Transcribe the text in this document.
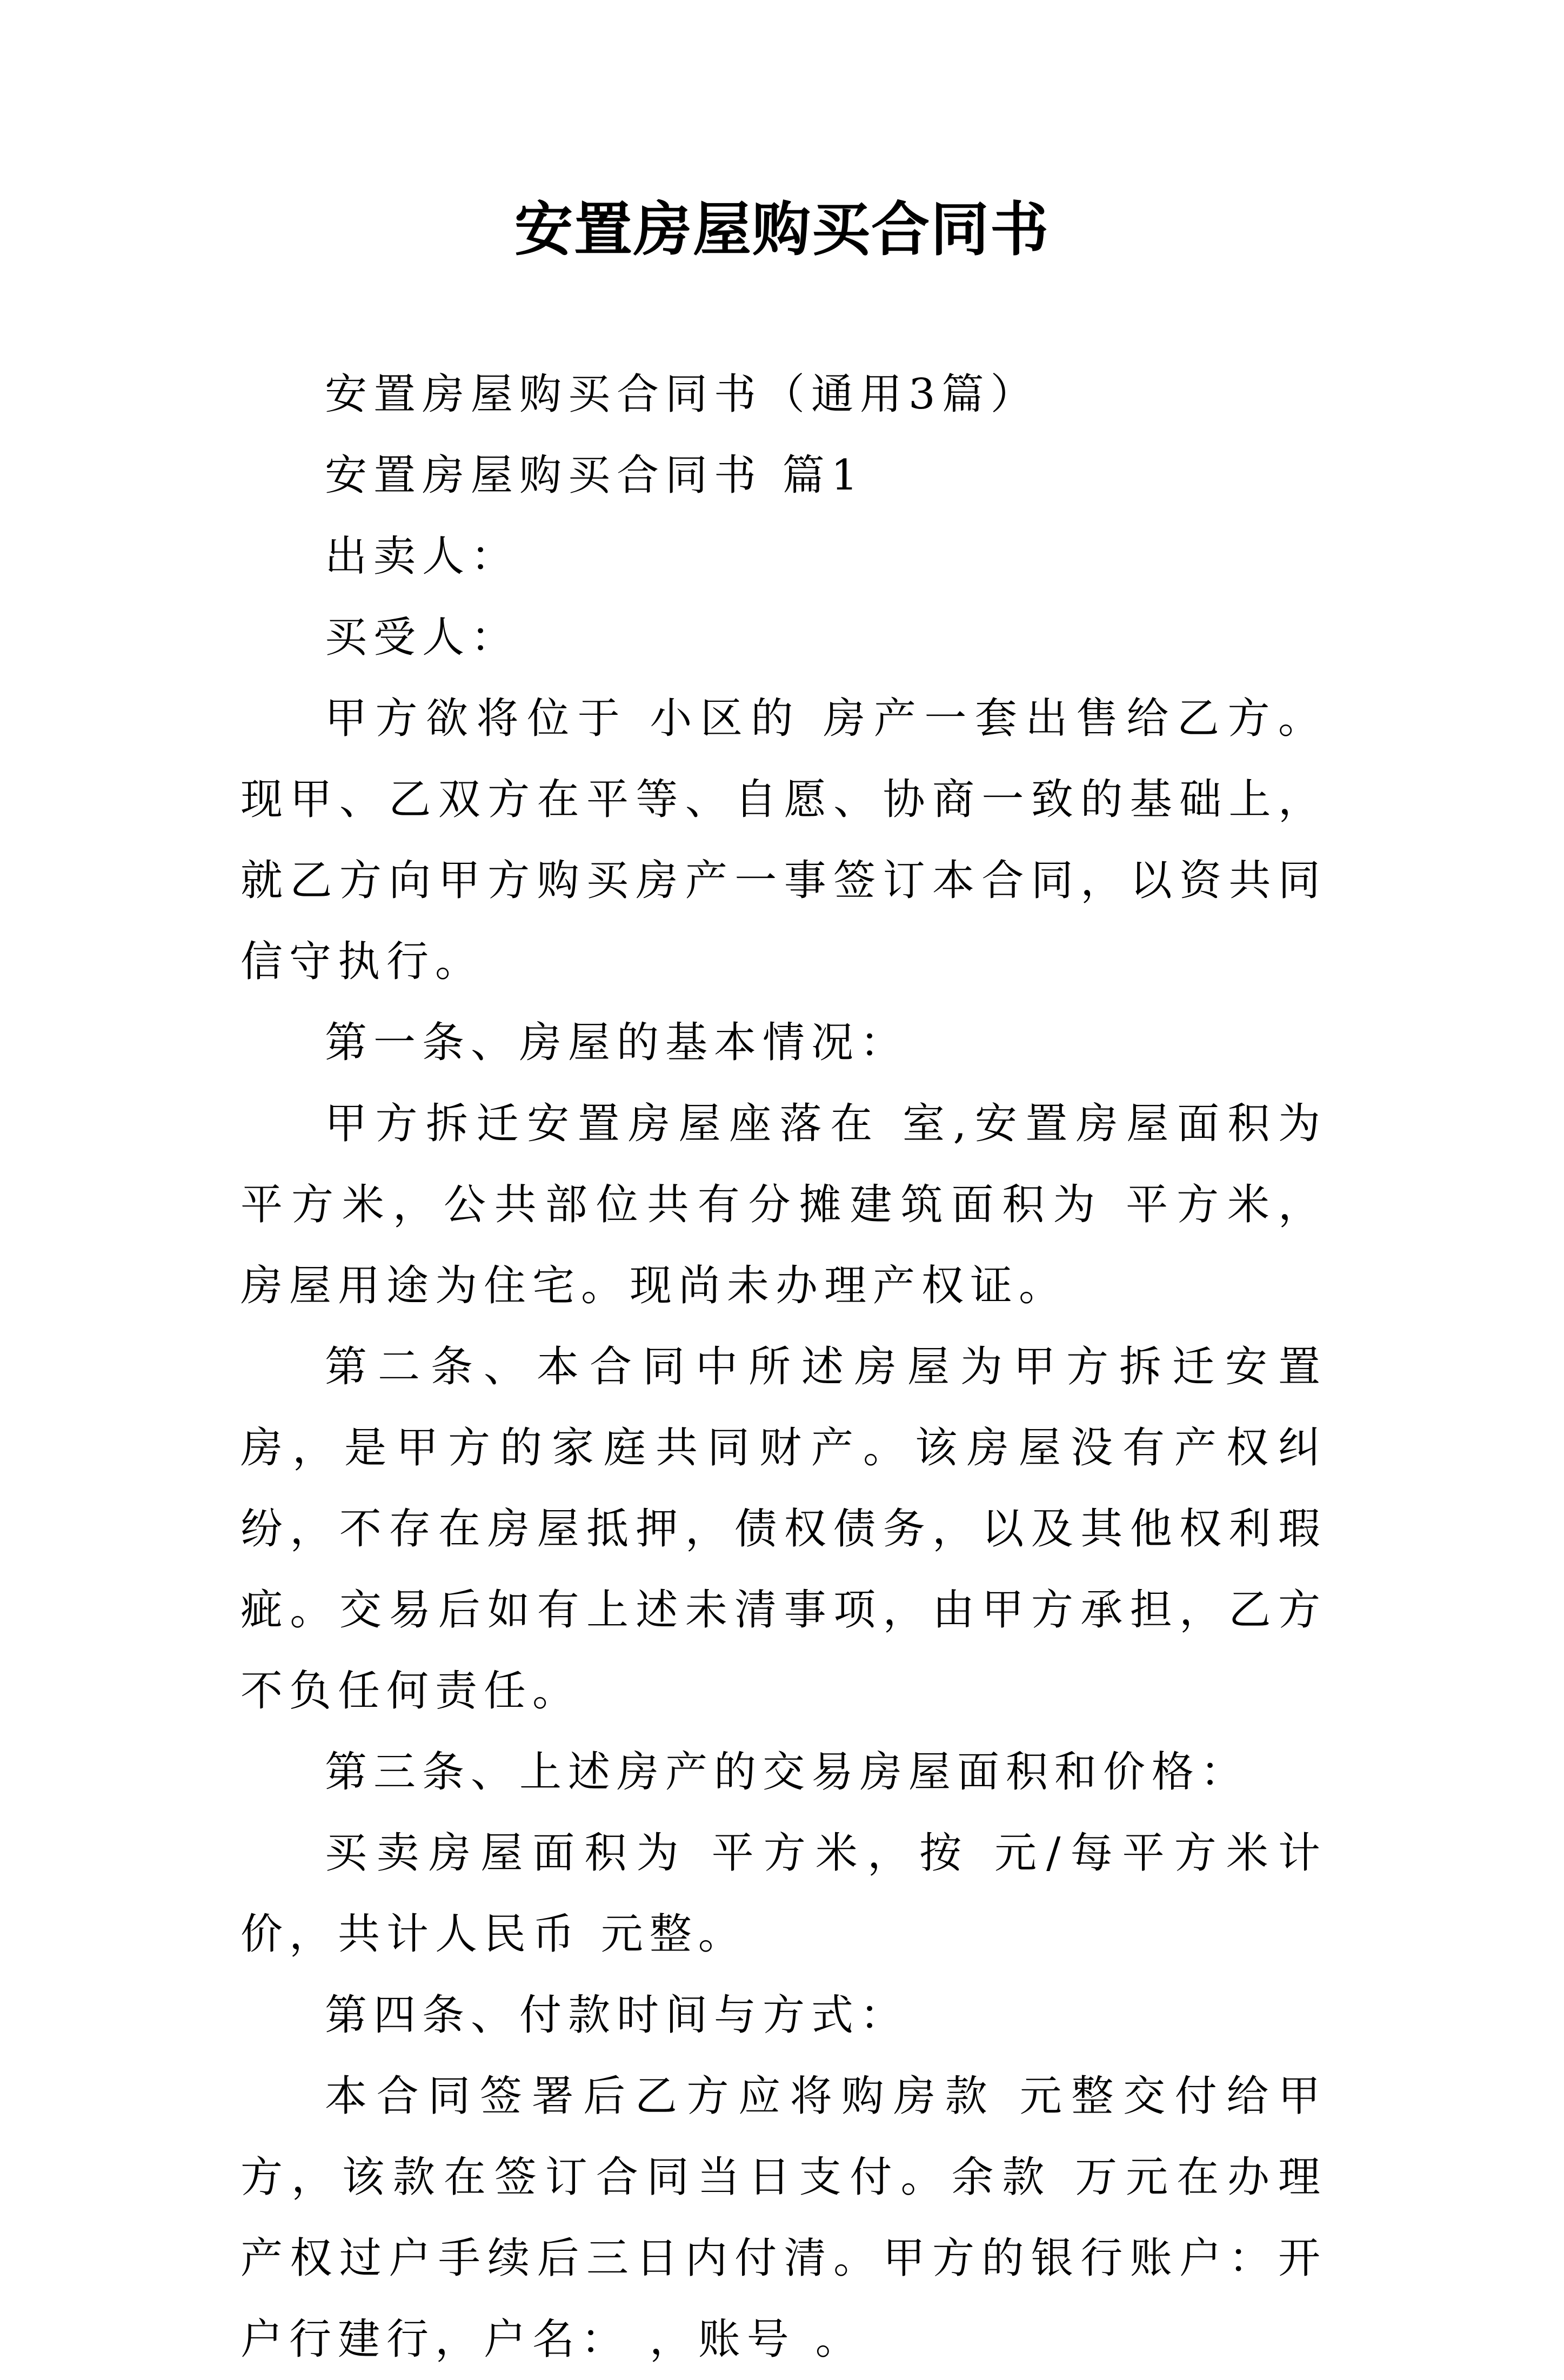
安置房屋购买合同书

安置房屋购买合同书（通用3篇）

安置房屋购买合同书 篇1

出卖人：

买受人：

甲方欲将位于 小区的 房产一套出售给乙方。现甲、乙双方在平等、自愿、协商一致的基础上，就乙方向甲方购买房产一事签订本合同，以资共同信守执行。

第一条、房屋的基本情况：

甲方拆迁安置房屋座落在 室,安置房屋面积为 平方米，公共部位共有分摊建筑面积为 平方米，房屋用途为住宅。现尚未办理产权证。

第二条、本合同中所述房屋为甲方拆迁安置房，是甲方的家庭共同财产。该房屋没有产权纠纷，不存在房屋抵押，债权债务，以及其他权利瑕疵。交易后如有上述未清事项，由甲方承担，乙方不负任何责任。

第三条、上述房产的交易房屋面积和价格：

买卖房屋面积为 平方米，按 元/每平方米计价，共计人民币 元整。

第四条、付款时间与方式：

本合同签署后乙方应将购房款 元整交付给甲方，该款在签订合同当日支付。余款 万元在办理产权过户手续后三日内付清。甲方的银行账户：开户行建行，户名： ，账号 。
